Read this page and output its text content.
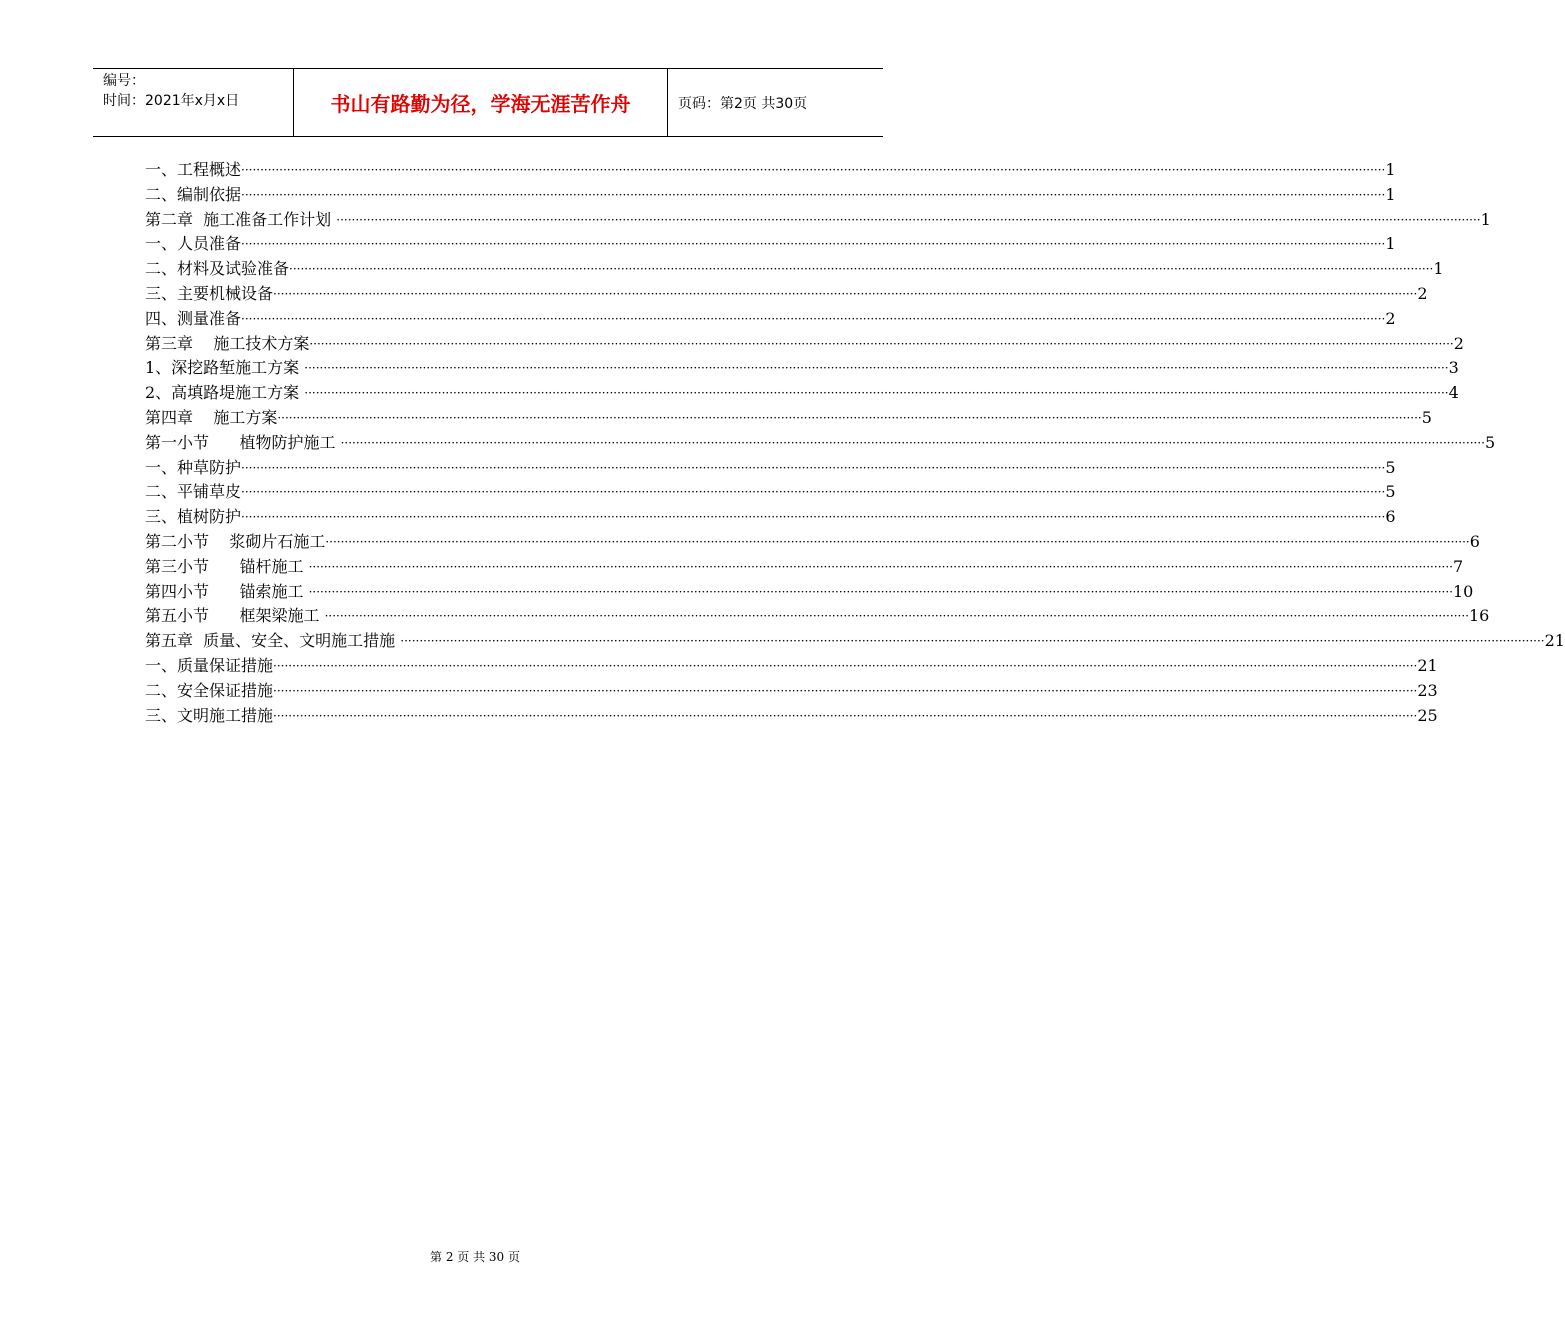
编号：
时间：2021年x月x日	书山有路勤为径，学海无涯苦作舟	页码：第2页 共30页
一、工程概述 ············································································································································································································································································································ 1
二、编制依据 ············································································································································································································································································································ 1
第二章  施工准备工作计划 ············································································································································································································································································································ 1
一、人员准备 ············································································································································································································································································································ 1
二、材料及试验准备 ············································································································································································································································································································ 1
三、主要机械设备 ············································································································································································································································································································ 2
四、测量准备 ············································································································································································································································································································ 2
第三章    施工技术方案 ············································································································································································································································································································ 2
1、深挖路堑施工方案 ············································································································································································································································································································ 3
2、高填路堤施工方案 ············································································································································································································································································································ 4
第四章    施工方案 ············································································································································································································································································································ 5
第一小节      植物防护施工 ············································································································································································································································································································ 5
一、种草防护 ············································································································································································································································································································ 5
二、平铺草皮 ············································································································································································································································································································ 5
三、植树防护 ············································································································································································································································································································ 6
第二小节    浆砌片石施工 ············································································································································································································································································································ 6
第三小节      锚杆施工 ············································································································································································································································································································ 7
第四小节      锚索施工 ············································································································································································································································································································ 10
第五小节      框架梁施工 ············································································································································································································································································································ 16
第五章  质量、安全、文明施工措施 ············································································································································································································································································································ 21
一、质量保证措施 ············································································································································································································································································································ 21
二、安全保证措施 ············································································································································································································································································································ 23
三、文明施工措施 ············································································································································································································································································································ 25
第 2 页 共 30 页
